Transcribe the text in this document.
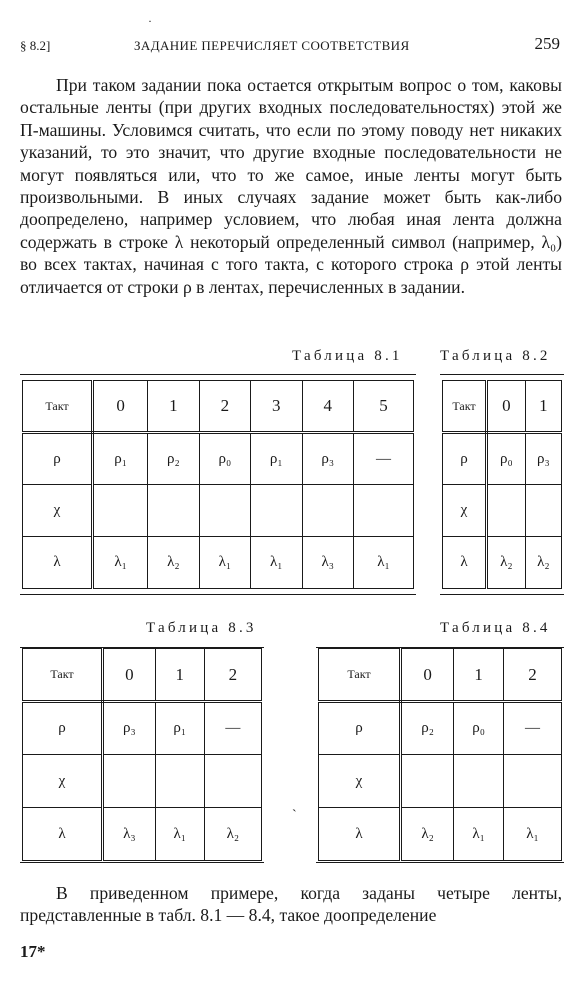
§ 8.2]	ЗАДАНИЕ ПЕРЕЧИСЛЯЕТ СООТВЕТСТВИЯ	259

При таком задании пока остается открытым вопрос о том, каковы остальные ленты (при других входных последовательностях) этой же П-машины. Условимся считать, что если по этому поводу нет никаких указаний, то это значит, что другие входные последовательности не могут появляться или, что то же самое, иные ленты могут быть произвольными. В иных случаях задание может быть как-либо доопределено, например условием, что любая иная лента должна содержать в строке λ некоторый определенный символ (например, λ₀) во всех тактах, начиная с того такта, с которого строка ρ этой ленты отличается от строки ρ в лентах, перечисленных в задании.

Таблица 8.1 Таблица 8.2
Таблица 8.3	Таблица 8.4
Такт	0	1	2	3	4	5
ρ	ρ₁	ρ₂	ρ₀	ρ₁	ρ₃	—
χ						
λ	λ₁	λ₂	λ₁	λ₁	λ₃	λ₁
Такт	0	1
ρ	ρ₀	ρ₃
χ		
λ	λ₂	λ₂
Такт	0	1	2
ρ	ρ₃	ρ₁	—
χ			
λ	λ₃	λ₁	λ₂
Такт	0	1	2
ρ	ρ₂	ρ₀	—
χ			
λ	λ₂	λ₁	λ₁
·
ˋ

В приведенном примере, когда заданы четыре ленты, представленные в табл. 8.1 — 8.4, такое доопределение

17*
